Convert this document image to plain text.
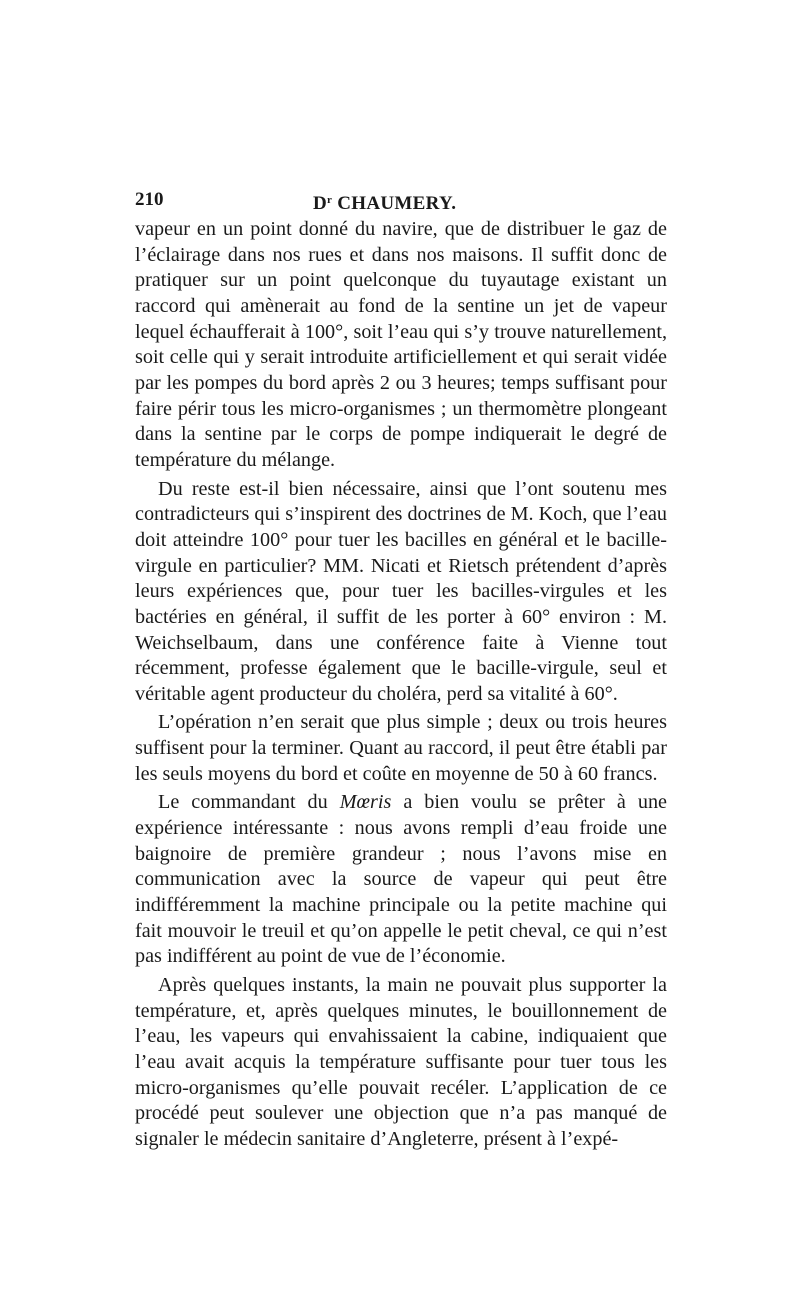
210	$D^r$ CHAUMERY.

vapeur en un point donné du navire, que de distribuer le gaz de l’éclairage dans nos rues et dans nos maisons. Il suffit donc de pratiquer sur un point quelconque du tuyautage existant un raccord qui amènerait au fond de la sentine un jet de vapeur lequel échaufferait à 100°, soit l’eau qui s’y trouve naturellement, soit celle qui y serait introduite artificiellement et qui serait vidée par les pompes du bord après 2 ou 3 heures; temps suffisant pour faire périr tous les micro-organismes ; un thermomètre plongeant dans la sentine par le corps de pompe indiquerait le degré de température du mélange.

Du reste est-il bien nécessaire, ainsi que l’ont soutenu mes contradicteurs qui s’inspirent des doctrines de M. Koch, que l’eau doit atteindre 100° pour tuer les bacilles en général et le bacille-virgule en particulier? MM. Nicati et Rietsch prétendent d’après leurs expériences que, pour tuer les bacilles-virgules et les bactéries en général, il suffit de les porter à 60° environ : M. Weichselbaum, dans une conférence faite à Vienne tout récemment, professe également que le bacille-virgule, seul et véritable agent producteur du choléra, perd sa vitalité à 60°.

L’opération n’en serait que plus simple ; deux ou trois heures suffisent pour la terminer. Quant au raccord, il peut être établi par les seuls moyens du bord et coûte en moyenne de 50 à 60 francs.

Le commandant du Mœris a bien voulu se prêter à une expérience intéressante : nous avons rempli d’eau froide une baignoire de première grandeur ; nous l’avons mise en communication avec la source de vapeur qui peut être indifféremment la machine principale ou la petite machine qui fait mouvoir le treuil et qu’on appelle le petit cheval, ce qui n’est pas indifférent au point de vue de l’économie.

Après quelques instants, la main ne pouvait plus supporter la température, et, après quelques minutes, le bouillonnement de l’eau, les vapeurs qui envahissaient la cabine, indiquaient que l’eau avait acquis la température suffisante pour tuer tous les micro-organismes qu’elle pouvait recéler. L’application de ce procédé peut soulever une objection que n’a pas manqué de signaler le médecin sanitaire d’Angleterre, présent à l’expé-
